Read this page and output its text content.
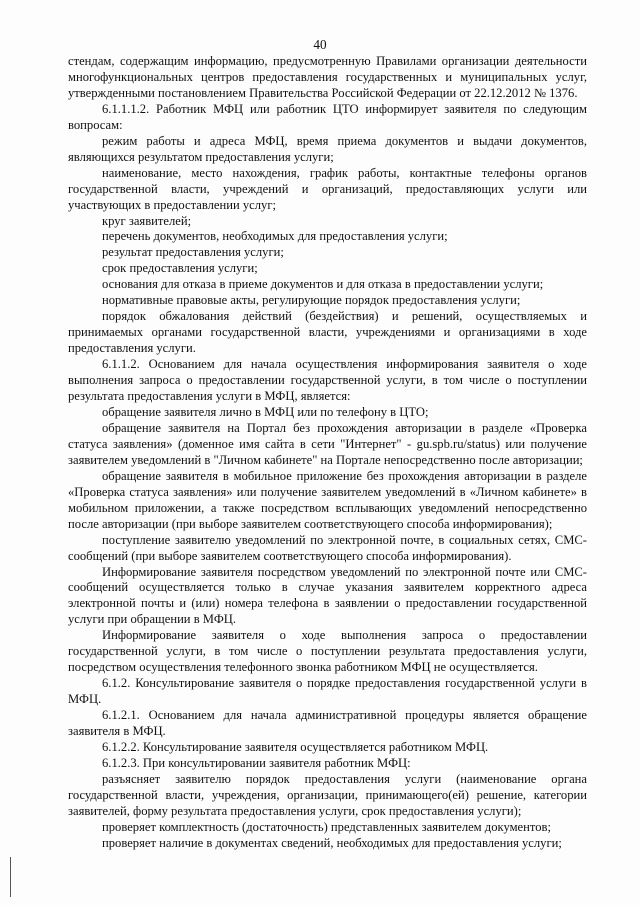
40

стендам, содержащим информацию, предусмотренную Правилами организации деятельности многофункциональных центров предоставления государственных и муниципальных услуг, утвержденными постановлением Правительства Российской Федерации от 22.12.2012 № 1376.

6.1.1.1.2. Работник МФЦ или работник ЦТО информирует заявителя по следующим вопросам:

режим работы и адреса МФЦ, время приема документов и выдачи документов, являющихся результатом предоставления услуги;

наименование, место нахождения, график работы, контактные телефоны органов государственной власти, учреждений и организаций, предоставляющих услуги или участвующих в предоставлении услуг;

круг заявителей;

перечень документов, необходимых для предоставления услуги;

результат предоставления услуги;

срок предоставления услуги;

основания для отказа в приеме документов и для отказа в предоставлении услуги;

нормативные правовые акты, регулирующие порядок предоставления услуги;

порядок обжалования действий (бездействия) и решений, осуществляемых и принимаемых органами государственной власти, учреждениями и организациями в ходе предоставления услуги.

6.1.1.2. Основанием для начала осуществления информирования заявителя о ходе выполнения запроса о предоставлении государственной услуги, в том числе о поступлении результата предоставления услуги в МФЦ, является:

обращение заявителя лично в МФЦ или по телефону в ЦТО;

обращение заявителя на Портал без прохождения авторизации в разделе «Проверка статуса заявления» (доменное имя сайта в сети "Интернет" - gu.spb.ru/status) или получение заявителем уведомлений в "Личном кабинете" на Портале непосредственно после авторизации;

обращение заявителя в мобильное приложение без прохождения авторизации в разделе «Проверка статуса заявления» или получение заявителем уведомлений в «Личном кабинете» в мобильном приложении, а также посредством всплывающих уведомлений непосредственно после авторизации (при выборе заявителем соответствующего способа информирования);

поступление заявителю уведомлений по электронной почте, в социальных сетях, СМС-сообщений (при выборе заявителем соответствующего способа информирования).

Информирование заявителя посредством уведомлений по электронной почте или СМС-сообщений осуществляется только в случае указания заявителем корректного адреса электронной почты и (или) номера телефона в заявлении о предоставлении государственной услуги при обращении в МФЦ.

Информирование заявителя о ходе выполнения запроса о предоставлении государственной услуги, в том числе о поступлении результата предоставления услуги, посредством осуществления телефонного звонка работником МФЦ не осуществляется.

6.1.2. Консультирование заявителя о порядке предоставления государственной услуги в МФЦ.

6.1.2.1. Основанием для начала административной процедуры является обращение заявителя в МФЦ.

6.1.2.2. Консультирование заявителя осуществляется работником МФЦ.

6.1.2.3. При консультировании заявителя работник МФЦ:

разъясняет заявителю порядок предоставления услуги (наименование органа государственной власти, учреждения, организации, принимающего(ей) решение, категории заявителей, форму результата предоставления услуги, срок предоставления услуги);

проверяет комплектность (достаточность) представленных заявителем документов;

проверяет наличие в документах сведений, необходимых для предоставления услуги;
